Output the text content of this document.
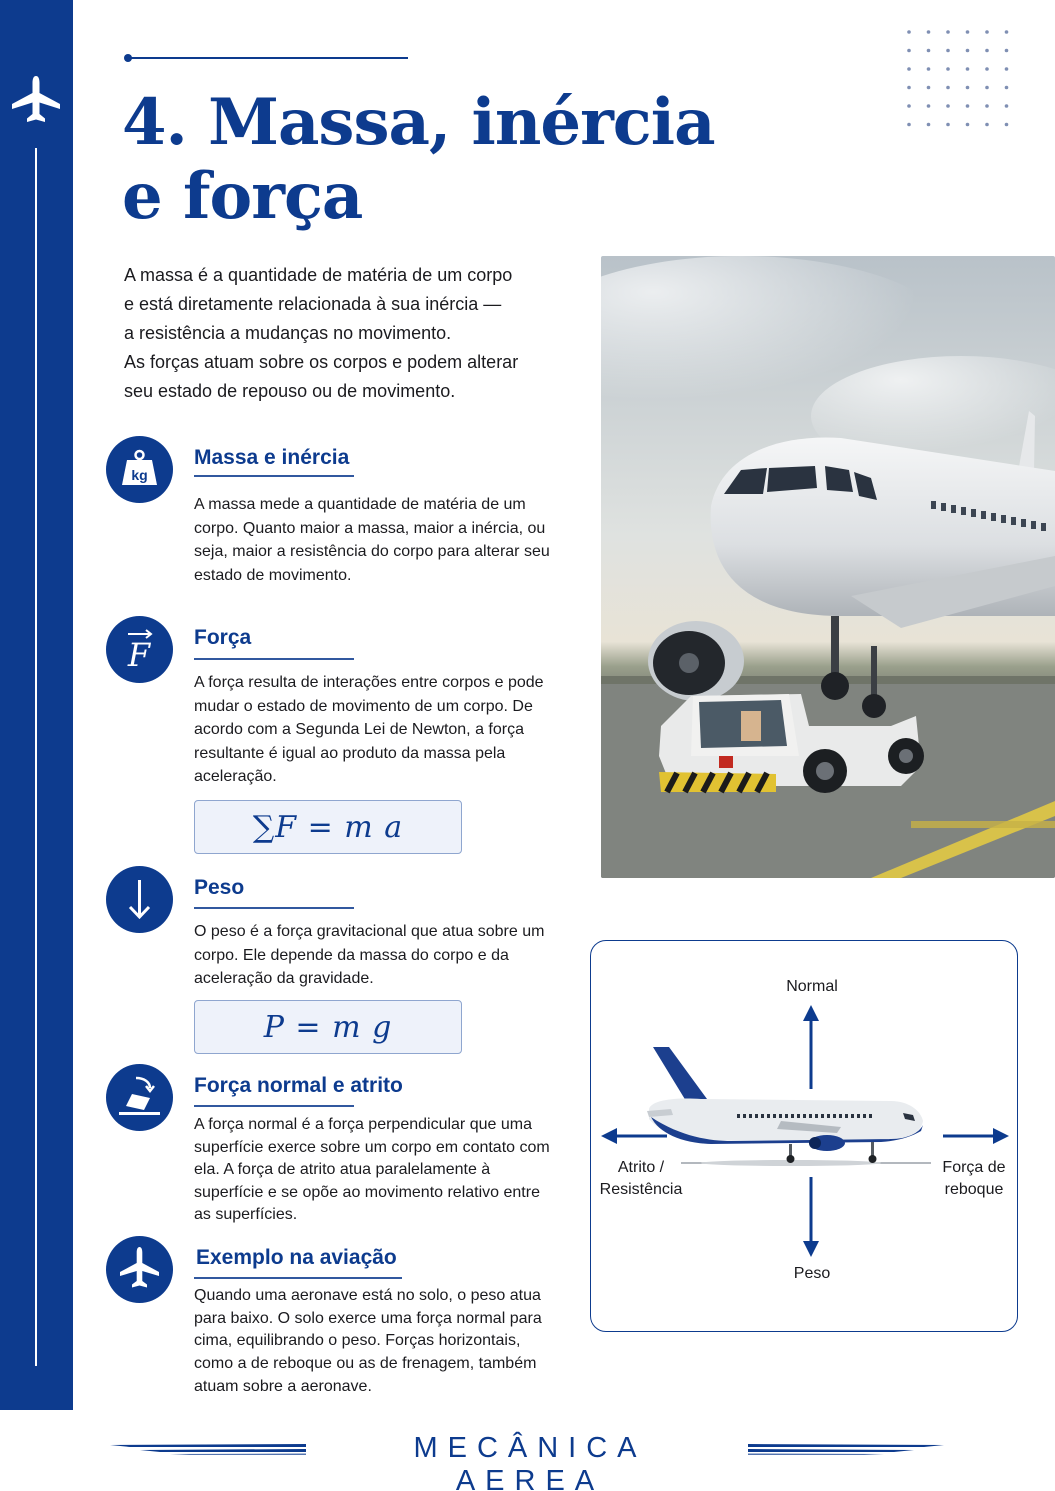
4. Massa, inércia
e força
A massa é a quantidade de matéria de um corpo
e está diretamente relacionada à sua inércia —
a resistência a mudanças no movimento.
As forças atuam sobre os corpos e podem alterar
seu estado de repouso ou de movimento.
kg
Massa e inércia

A massa mede a quantidade de matéria de um corpo. Quanto maior a massa, maior a inércia, ou seja, maior a resistência do corpo para alterar seu estado de movimento.

F Força

A força resulta de interações entre corpos e pode mudar o estado de movimento de um corpo. De acordo com a Segunda Lei de Newton, a força resultante é igual ao produto da massa pela aceleração.

∑F = m a
Peso

O peso é a força gravitacional que atua sobre um corpo. Ele depende da massa do corpo e da aceleração da gravidade.

P = m g
Força normal e atrito

A força normal é a força perpendicular que uma superfície exerce sobre um corpo em contato com ela. A força de atrito atua paralelamente à superfície e se opõe ao movimento relativo entre as superfícies.

Exemplo na aviação

Quando uma aeronave está no solo, o peso atua para baixo. O solo exerce uma força normal para cima, equilibrando o peso. Forças horizontais, como a de reboque ou as de frenagem, também atuam sobre a aeronave.

Normal
Peso
Atrito /
Resistência
Força de
reboque
MECÂNICA AEREA
